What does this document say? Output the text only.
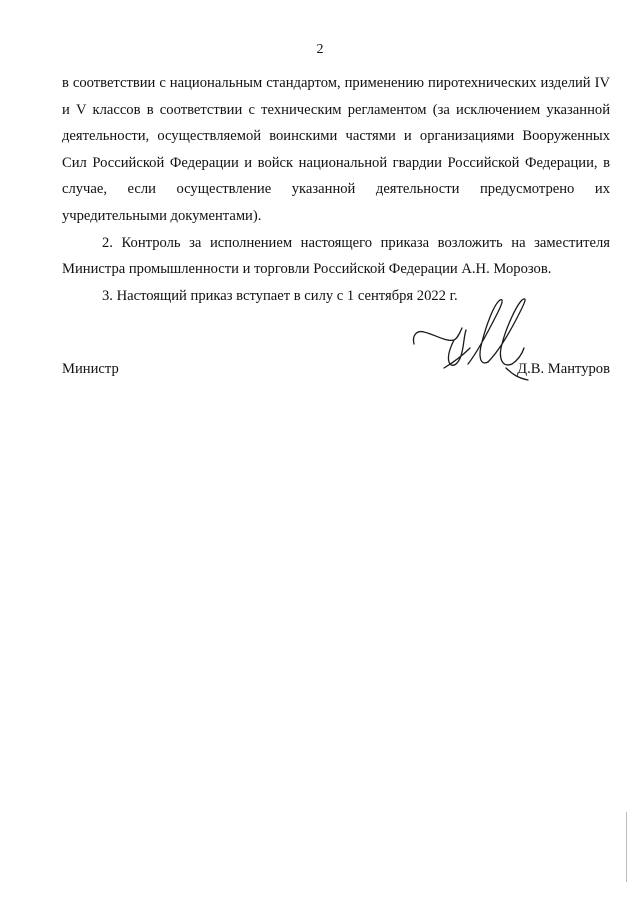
2

в соответствии с национальным стандартом, применению пиротехнических изделий IV и V классов в соответствии с техническим регламентом (за исключением указанной деятельности, осуществляемой воинскими частями и организациями Вооруженных Сил Российской Федерации и войск национальной гвардии Российской Федерации, в случае, если осуществление указанной деятельности предусмотрено их учредительными документами).

2. Контроль за исполнением настоящего приказа возложить на заместителя Министра промышленности и торговли Российской Федерации А.Н. Морозов.

3. Настоящий приказ вступает в силу с 1 сентября 2022 г.

Министр	Д.В. Мантуров
